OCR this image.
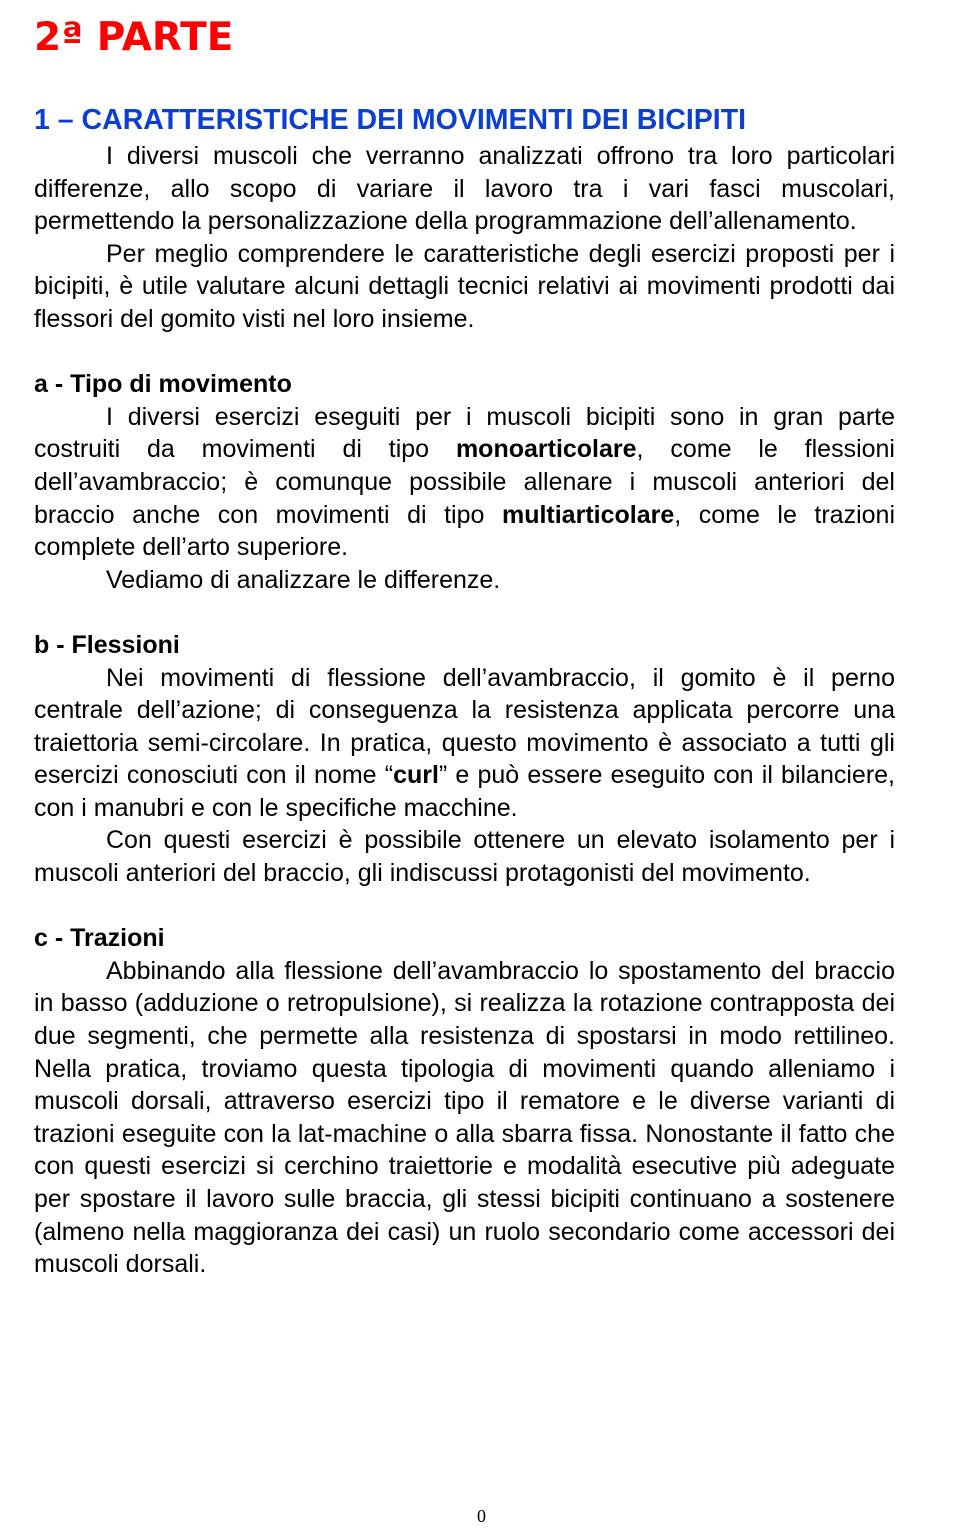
2ª PARTE
1 – CARATTERISTICHE DEI MOVIMENTI DEI BICIPITI

I diversi muscoli che verranno analizzati offrono tra loro particolari differenze, allo scopo di variare il lavoro tra i vari fasci muscolari, permettendo la personalizzazione della programmazione dell’allenamento.

Per meglio comprendere le caratteristiche degli esercizi proposti per i bicipiti, è utile valutare alcuni dettagli tecnici relativi ai movimenti prodotti dai flessori del gomito visti nel loro insieme.

a - Tipo di movimento

I diversi esercizi eseguiti per i muscoli bicipiti sono in gran parte costruiti da movimenti di tipo monoarticolare, come le flessioni dell’avambraccio; è comunque possibile allenare i muscoli anteriori del braccio anche con movimenti di tipo multiarticolare, come le trazioni complete dell’arto superiore.

Vediamo di analizzare le differenze.

b - Flessioni

Nei movimenti di flessione dell’avambraccio, il gomito è il perno centrale dell’azione; di conseguenza la resistenza applicata percorre una traiettoria semi-circolare. In pratica, questo movimento è associato a tutti gli esercizi conosciuti con il nome “curl” e può essere eseguito con il bilanciere, con i manubri e con le specifiche macchine.

Con questi esercizi è possibile ottenere un elevato isolamento per i muscoli anteriori del braccio, gli indiscussi protagonisti del movimento.

c - Trazioni

Abbinando alla flessione dell’avambraccio lo spostamento del braccio in basso (adduzione o retropulsione), si realizza la rotazione contrapposta dei due segmenti, che permette alla resistenza di spostarsi in modo rettilineo. Nella pratica, troviamo questa tipologia di movimenti quando alleniamo i muscoli dorsali, attraverso esercizi tipo il rematore e le diverse varianti di trazioni eseguite con la lat-machine o alla sbarra fissa. Nonostante il fatto che con questi esercizi si cerchino traiettorie e modalità esecutive più adeguate per spostare il lavoro sulle braccia, gli stessi bicipiti continuano a sostenere (almeno nella maggioranza dei casi) un ruolo secondario come accessori dei muscoli dorsali.

0
